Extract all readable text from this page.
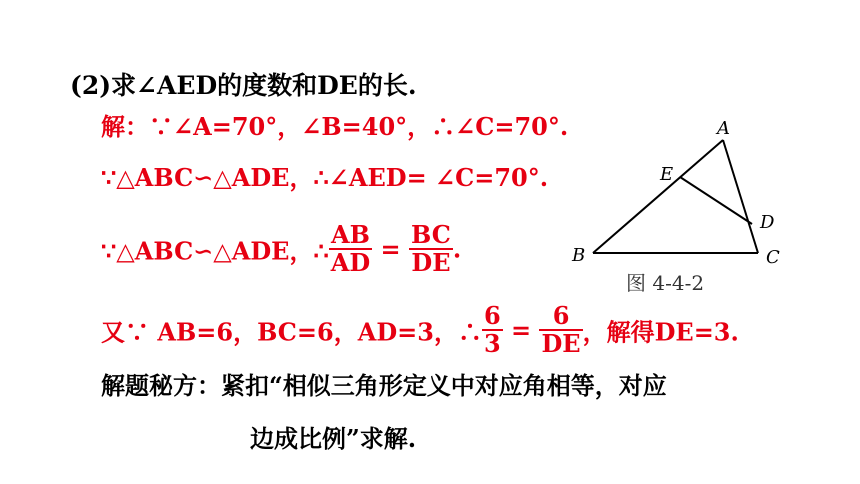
(2)求∠AED的度数和DE的长.
解：∵∠A=70°，∠B=40°，∴∠C=70°.
∵△ABC∽△ADE，∴∠AED= ∠C=70°.
∵△ABC∽△ADE，∴ $\frac{AB}{AD} = \frac{BC}{DE}$ .
又∵ AB=6，BC=6，AD=3，∴ $\frac{6}{3} = \frac{6}{DE}$ ，解得DE=3.
解题秘方：紧扣“相似三角形定义中对应角相等，对应
边成比例”求解.
A
B	C
D
E
图 4-4-2
